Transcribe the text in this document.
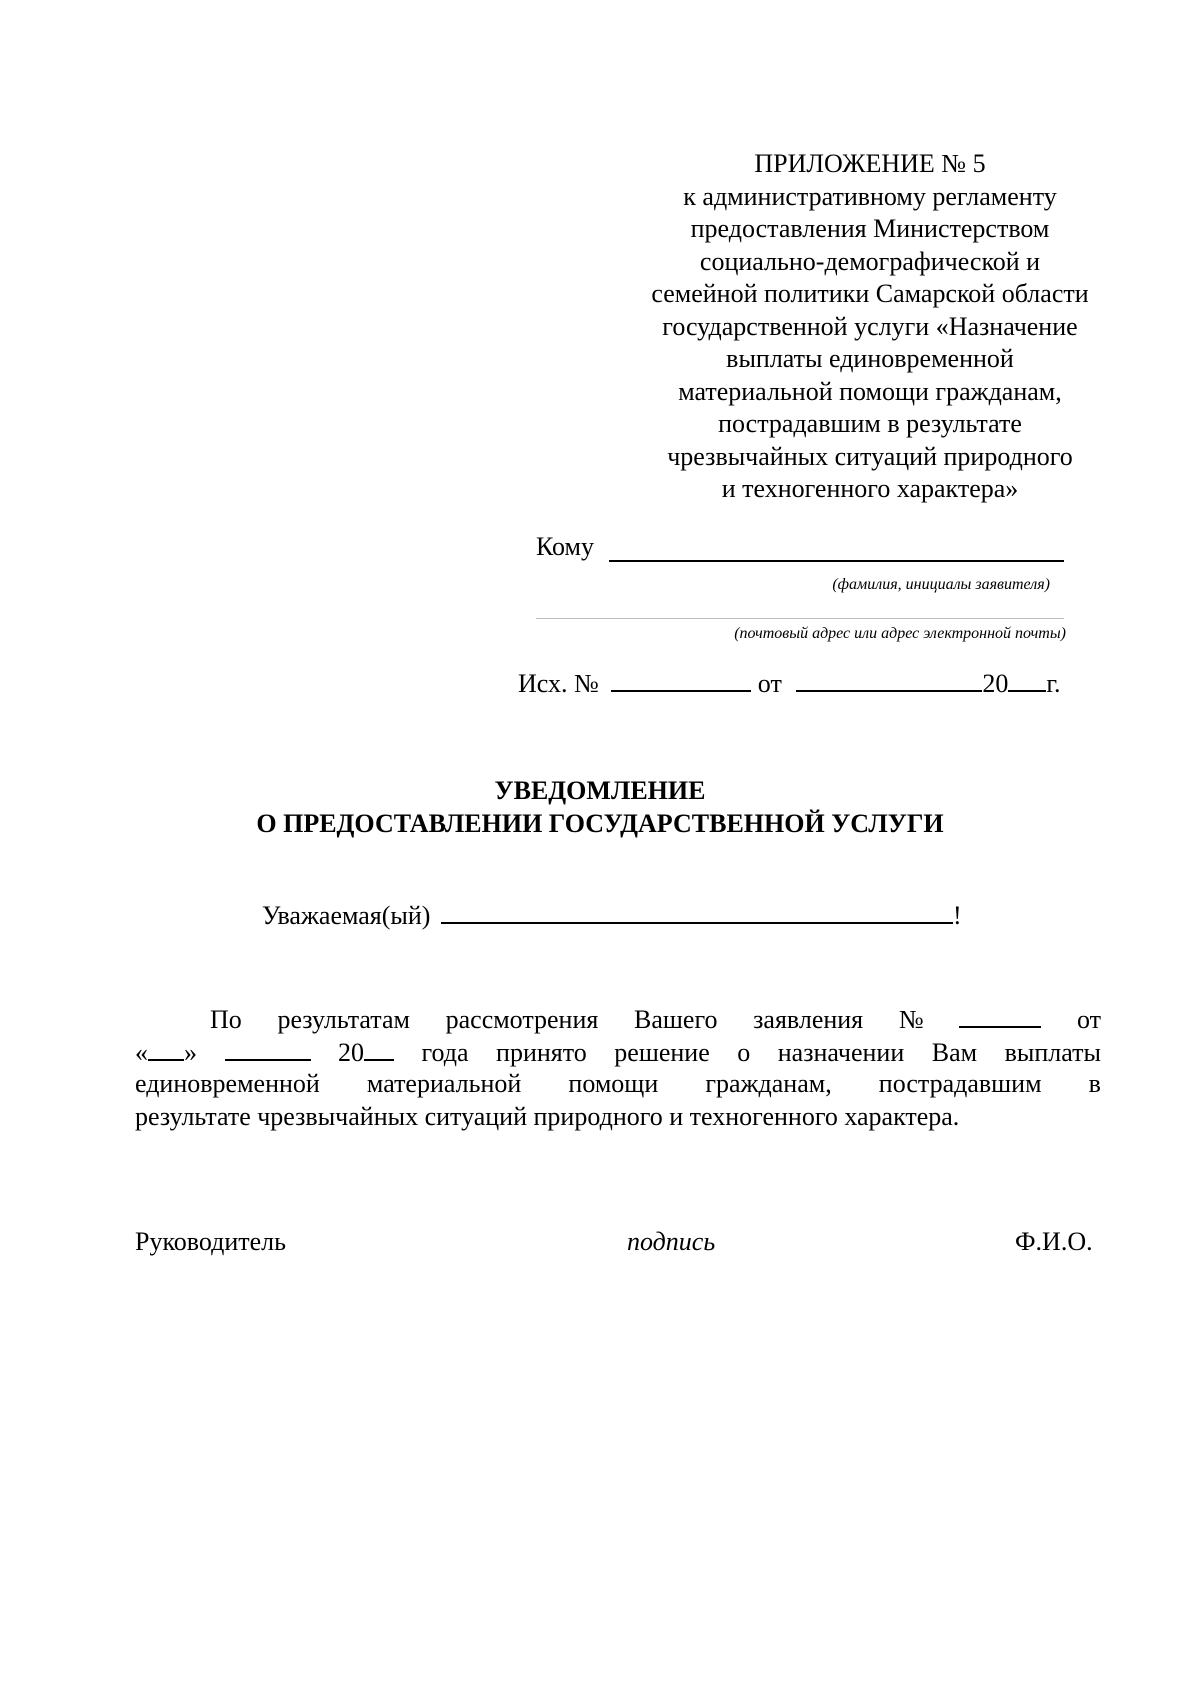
ПРИЛОЖЕНИЕ № 5
к административному регламенту
предоставления Министерством
социально-демографической и
семейной политики Самарской области
государственной услуги «Назначение
выплаты единовременной
материальной помощи гражданам,
пострадавшим в результате
чрезвычайных ситуаций природного
и техногенного характера»
Кому
(фамилия, инициалы заявителя)
(почтовый адрес или адрес электронной почты)
Исх. №	от	20 г.
УВЕДОМЛЕНИЕ
О ПРЕДОСТАВЛЕНИИ ГОСУДАРСТВЕННОЙ УСЛУГИ
Уважаемая(ый)	!
По результатам рассмотрения Вашего заявления №	от
« »	20	года принято решение о назначении Вам выплаты
единовременной материальной помощи гражданам, пострадавшим в
результате чрезвычайных ситуаций природного и техногенного характера.
Руководитель	подпись	Ф.И.О.
